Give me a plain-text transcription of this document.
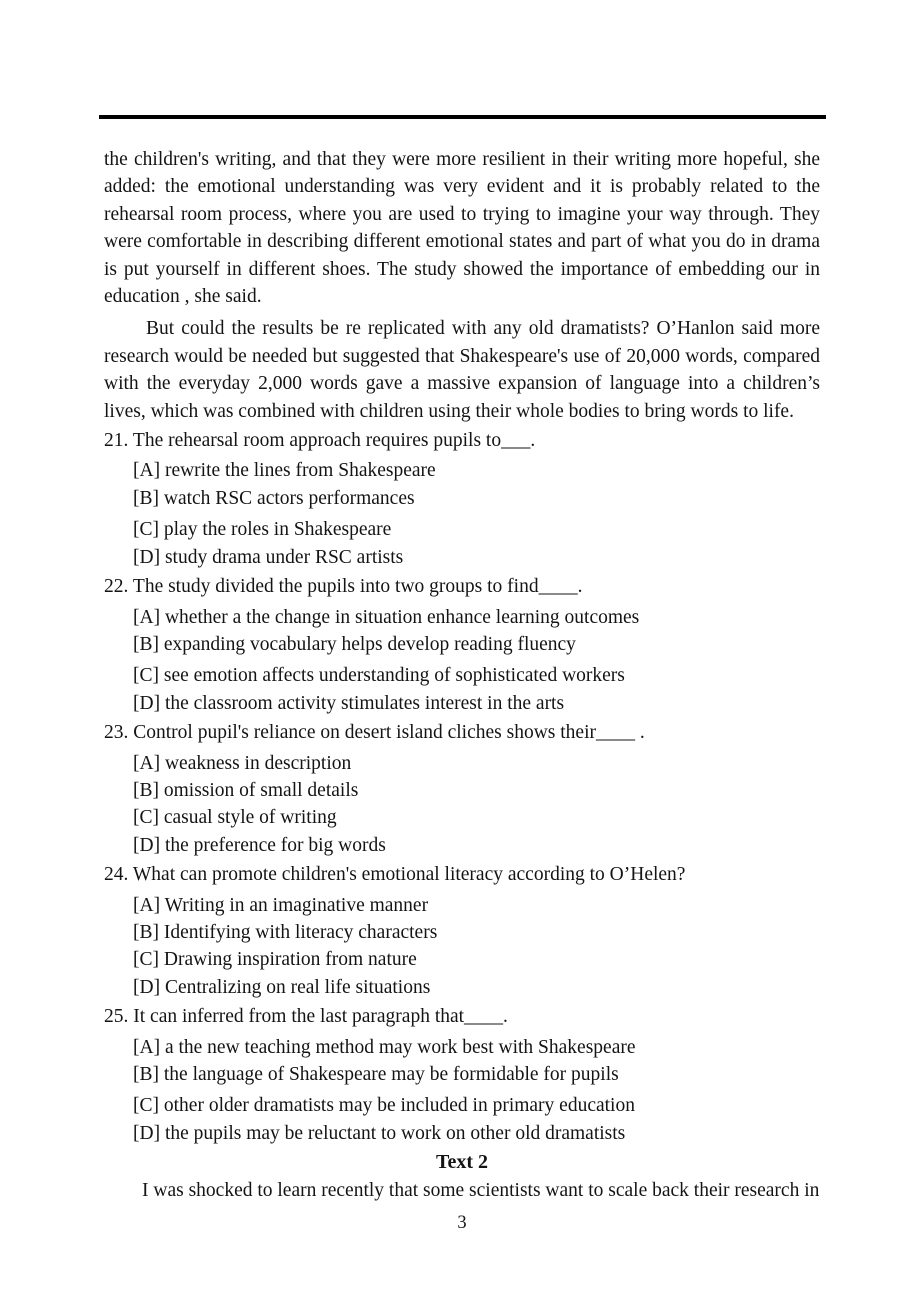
the children's writing, and that they were more resilient in their writing more hopeful, she added: the emotional understanding was very evident and it is probably related to the rehearsal room process, where you are used to trying to imagine your way through. They were comfortable in describing different emotional states and part of what you do in drama is put yourself in different shoes. The study showed the importance of embedding our in education , she said.

But could the results be re replicated with any old dramatists? O’Hanlon said more research would be needed but suggested that Shakespeare's use of 20,000 words, compared with the everyday 2,000 words gave a massive expansion of language into a children’s lives, which was combined with children using their whole bodies to bring words to life.

21. The rehearsal room approach requires pupils to___.
[A] rewrite the lines from Shakespeare
[B] watch RSC actors performances
[C] play the roles in Shakespeare
[D] study drama under RSC artists
22. The study divided the pupils into two groups to find____.
[A] whether a the change in situation enhance learning outcomes
[B] expanding vocabulary helps develop reading fluency
[C] see emotion affects understanding of sophisticated workers
[D] the classroom activity stimulates interest in the arts
23. Control pupil's reliance on desert island cliches shows their____ .
[A] weakness in description
[B] omission of small details
[C] casual style of writing
[D] the preference for big words
24. What can promote children's emotional literacy according to O’Helen?
[A] Writing in an imaginative manner
[B] Identifying with literacy characters
[C] Drawing inspiration from nature
[D] Centralizing on real life situations
25. It can inferred from the last paragraph that____.
[A] a the new teaching method may work best with Shakespeare
[B] the language of Shakespeare may be formidable for pupils
[C] other older dramatists may be included in primary education
[D] the pupils may be reluctant to work on other old dramatists
Text 2

I was shocked to learn recently that some scientists want to scale back their research in

3
